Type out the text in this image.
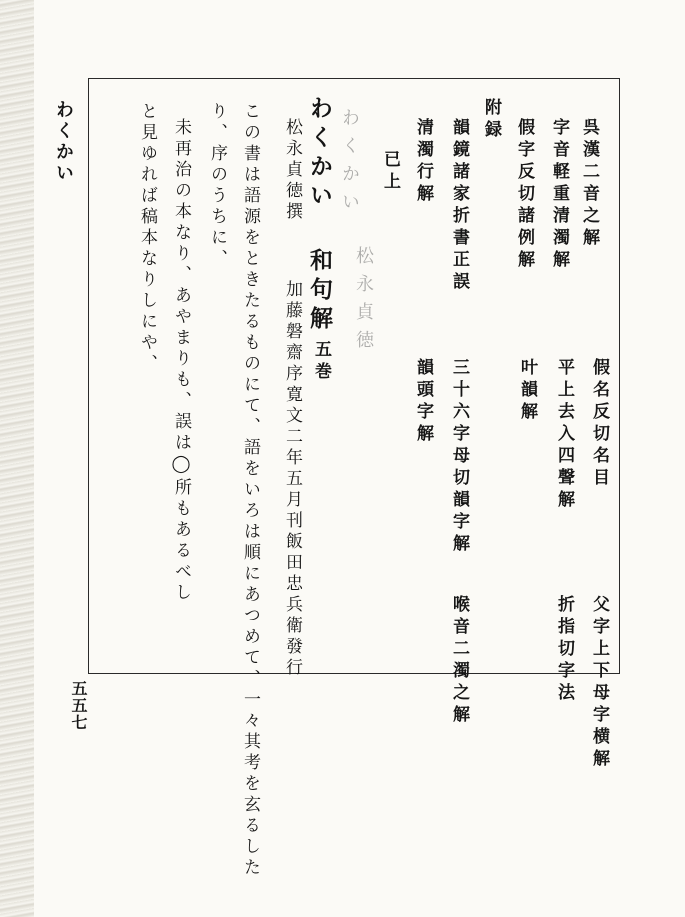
わくかい
五五七
呉漢二音之解
字音軽重清濁解
假字反切諸例解
附録
韻鏡諸家折書正誤
清濁行解
已上
假名反切名目
平上去入四聲解
叶韻解
三十六字母切韻字解
韻頭字解
父字上下母字横解
折指切字法
喉音二濁之解
わくかい
和句解
五巻
松永貞徳撰
加藤磐齋序寛文二年五月刊飯田忠兵衛發行
この書は語源をときたるものにて、語をいろは順にあつめて、一々其考を玄るした
り、序のうちに、
未再治の本なり、あやまりも、誤は◯所もあるべし
と見ゆれば稿本なりしにや、	わくかい
松永貞徳
